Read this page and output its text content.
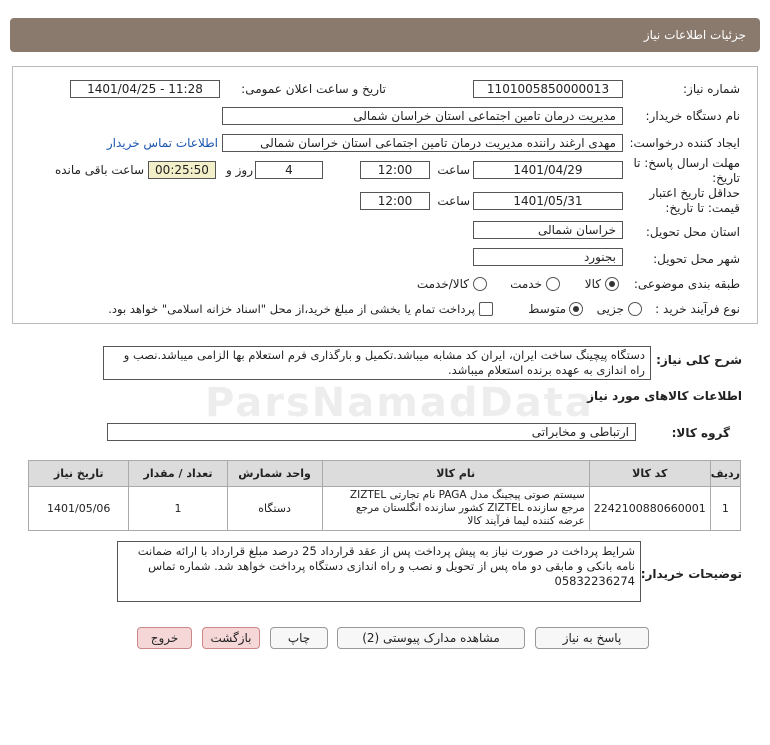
جزئیات اطلاعات نیاز
ParsNamadData
شماره نیاز:
1101005850000013
تاریخ و ساعت اعلان عمومی:
1401/04/25 - 11:28
نام دستگاه خریدار:
مدیریت درمان تامین اجتماعی استان خراسان شمالی
ایجاد کننده درخواست:
مهدی ارغند راننده مدیریت درمان تامین اجتماعی استان خراسان شمالی
اطلاعات تماس خریدار
مهلت ارسال پاسخ: تا
تاریخ:
1401/04/29
ساعت
12:00
4
روز و
00:25:50
ساعت باقی مانده
حداقل تاریخ اعتبار
قیمت: تا تاریخ:
1401/05/31
ساعت
12:00
استان محل تحویل:
خراسان شمالی
شهر محل تحویل:
بجنورد
طبقه بندی موضوعی:
کالا
خدمت
کالا/خدمت
نوع فرآیند خرید :
جزیی
متوسط
پرداخت تمام یا بخشی از مبلغ خرید،از محل "اسناد خزانه اسلامی" خواهد بود.
شرح کلی نیاز:
دستگاه پیچینگ ساخت ایران، ایران کد مشابه میباشد.تکمیل و بارگذاری فرم استعلام بها الزامی میباشد.نصب و راه اندازی به عهده برنده استعلام میباشد.
اطلاعات کالاهای مورد نیاز
گروه کالا:
ارتباطی و مخابراتی
ردیف	کد کالا	نام کالا	واحد شمارش	تعداد / مقدار	تاریخ نیاز
1	2242100880660001	سیستم صوتی پیجینگ مدل PAGA نام تجارتی ZIZTEL مرجع سازنده ZIZTEL کشور سازنده انگلستان مرجع عرضه کننده لیما فرآیند کالا	دستگاه	1	1401/05/06
توضیحات خریدار:
شرایط پرداخت در صورت نیاز به پیش پرداخت پس از عقد قرارداد 25 درصد مبلغ قرارداد با ارائه ضمانت نامه بانکی و مابقی دو ماه پس از تحویل و نصب و راه اندازی دستگاه پرداخت خواهد شد. شماره تماس 05832236274
پاسخ به نیاز
مشاهده مدارک پیوستی (2)
چاپ
بازگشت
خروج
